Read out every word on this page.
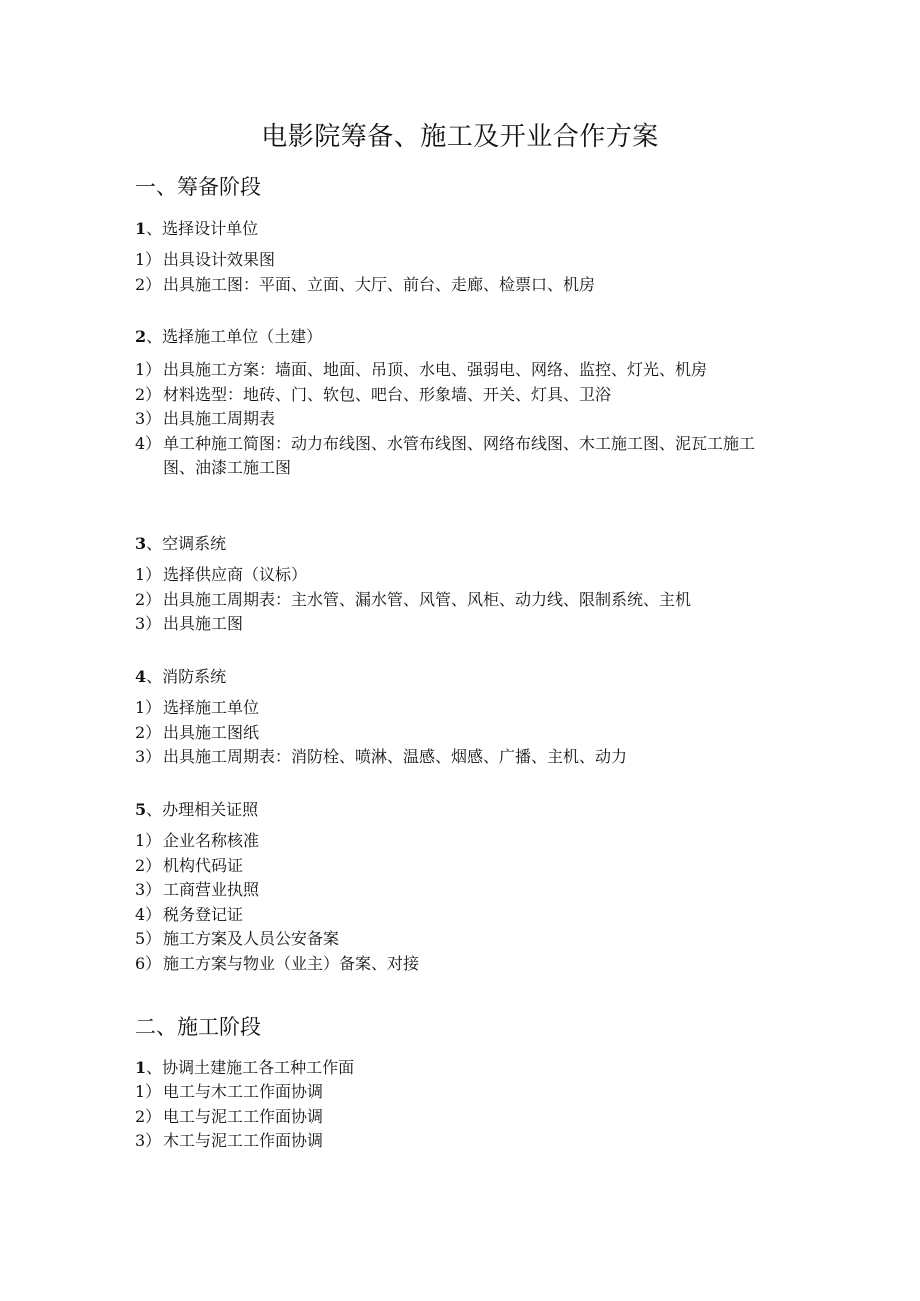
电影院筹备、施工及开业合作方案
一、筹备阶段
1、选择设计单位
1） 出具设计效果图
2） 出具施工图：平面、立面、大厅、前台、走廊、检票口、机房
2、选择施工单位（土建）
1） 出具施工方案：墙面、地面、吊顶、水电、强弱电、网络、监控、灯光、机房
2） 材料选型：地砖、门、软包、吧台、形象墙、开关、灯具、卫浴
3） 出具施工周期表
4） 单工种施工简图：动力布线图、水管布线图、网络布线图、木工施工图、泥瓦工施工图、油漆工施工图
3、空调系统
1） 选择供应商（议标）
2） 出具施工周期表：主水管、漏水管、风管、风柜、动力线、限制系统、主机
3） 出具施工图
4、消防系统
1） 选择施工单位
2） 出具施工图纸
3） 出具施工周期表：消防栓、喷淋、温感、烟感、广播、主机、动力
5、办理相关证照
1） 企业名称核准
2） 机构代码证
3） 工商营业执照
4） 税务登记证
5） 施工方案及人员公安备案
6） 施工方案与物业（业主）备案、对接
二、施工阶段
1、协调土建施工各工种工作面
1） 电工与木工工作面协调
2） 电工与泥工工作面协调
3） 木工与泥工工作面协调
